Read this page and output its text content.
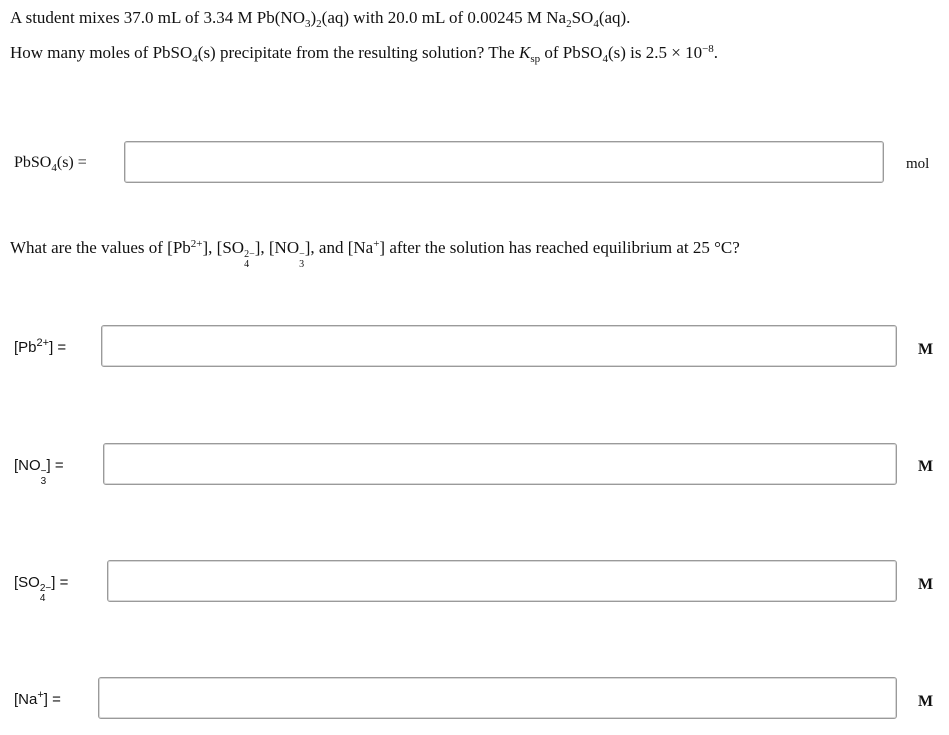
A student mixes 37.0 mL of 3.34 M $Pb(NO_3)_2(aq)$ with 20.0 mL of 0.00245 M $Na_2SO_4(aq)$.
How many moles of PbSO$_4$(s) precipitate from the resulting solution? The $K_{sp}$ of PbSO$_4$(s) is $2.5 \times 10^{-8}$.
PbSO$_4$(s) =	mol
What are the values of $[Pb^{2+}]$, [SO 2−
4
], [NO −
3
], and [Na+] after the solution has reached equilibrium at 25 °C?
$[Pb^{2+}]$ =	M
[NO −
3
] =	M
[SO 2−
4
] =	M
[Na+] =	M
